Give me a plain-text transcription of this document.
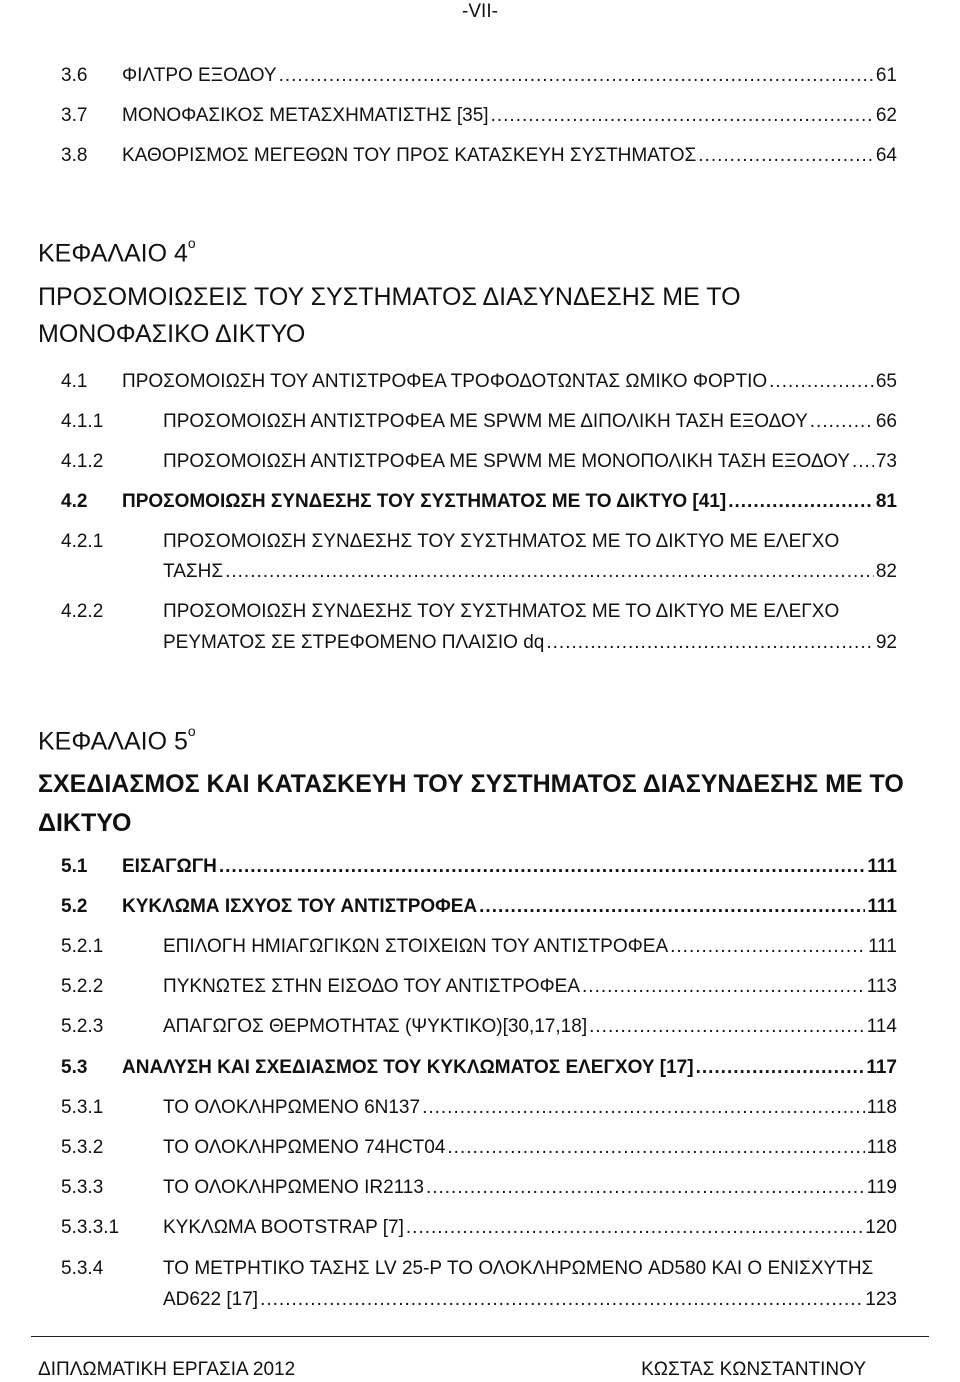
-VII-
3.6	ΦΙΛΤΡΟ ΕΞΟΔΟΥ .....	61
3.7	ΜΟΝΟΦΑΣΙΚΟΣ ΜΕΤΑΣΧΗΜΑΤΙΣΤΗΣ [35] .....	62
3.8	ΚΑΘΟΡΙΣΜΟΣ ΜΕΓΕΘΩΝ ΤΟΥ ΠΡΟΣ ΚΑΤΑΣΚΕΥΗ ΣΥΣΤΗΜΑΤΟΣ .....	64
ΚΕΦΑΛΑΙΟ $4^o$
ΠΡΟΣΟΜΟΙΩΣΕΙΣ ΤΟΥ ΣΥΣΤΗΜΑΤΟΣ ΔΙΑΣΥΝΔΕΣΗΣ ΜΕ ΤΟ
ΜΟΝΟΦΑΣΙΚΟ ΔΙΚΤΥΟ
4.1	ΠΡΟΣΟΜΟΙΩΣΗ ΤΟΥ ΑΝΤΙΣΤΡΟΦΕΑ ΤΡΟΦΟΔΟΤΩΝΤΑΣ ΩΜΙΚΟ ΦΟΡΤΙΟ .....	65
4.1.1	ΠΡΟΣΟΜΟΙΩΣΗ ΑΝΤΙΣΤΡΟΦΕΑ ΜΕ SPWM ΜΕ ΔΙΠΟΛΙΚΗ ΤΑΣΗ ΕΞΟΔΟΥ .....	66
4.1.2	ΠΡΟΣΟΜΟΙΩΣΗ ΑΝΤΙΣΤΡΟΦΕΑ ΜΕ SPWM ΜΕ ΜΟΝΟΠΟΛΙΚΗ ΤΑΣΗ ΕΞΟΔΟΥ ..... 73
4.2	ΠΡΟΣΟΜΟΙΩΣΗ ΣΥΝΔΕΣΗΣ ΤΟΥ ΣΥΣΤΗΜΑΤΟΣ ΜΕ ΤΟ ΔΙΚΤΥΟ [41] .....	81
4.2.1	ΠΡΟΣΟΜΟΙΩΣΗ ΣΥΝΔΕΣΗΣ ΤΟΥ ΣΥΣΤΗΜΑΤΟΣ ΜΕ ΤΟ ΔΙΚΤΥΟ ΜΕ ΕΛΕΓΧΟ
ΤΑΣΗΣ .....	82
4.2.2	ΠΡΟΣΟΜΟΙΩΣΗ ΣΥΝΔΕΣΗΣ ΤΟΥ ΣΥΣΤΗΜΑΤΟΣ ΜΕ ΤΟ ΔΙΚΤΥΟ ΜΕ ΕΛΕΓΧΟ
ΡΕΥΜΑΤΟΣ ΣΕ ΣΤΡΕΦΟΜΕΝΟ ΠΛΑΙΣΙΟ dq .....	92
ΚΕΦΑΛΑΙΟ $5^o$
ΣΧΕΔΙΑΣΜΟΣ ΚΑΙ ΚΑΤΑΣΚΕΥΗ ΤΟΥ ΣΥΣΤΗΜΑΤΟΣ ΔΙΑΣΥΝΔΕΣΗΣ ΜΕ ΤΟ
ΔΙΚΤΥΟ
5.1	ΕΙΣΑΓΩΓΗ .....	111
5.2	ΚΥΚΛΩΜΑ ΙΣΧΥΟΣ ΤΟΥ ΑΝΤΙΣΤΡΟΦΕΑ .....	111
5.2.1	ΕΠΙΛΟΓΗ ΗΜΙΑΓΩΓΙΚΩΝ ΣΤΟΙΧΕΙΩΝ ΤΟΥ ΑΝΤΙΣΤΡΟΦΕΑ .....	111
5.2.2	ΠΥΚΝΩΤΕΣ ΣΤΗΝ ΕΙΣΟΔΟ ΤΟΥ ΑΝΤΙΣΤΡΟΦΕΑ .....	113
5.2.3	ΑΠΑΓΩΓΟΣ ΘΕΡΜΟΤΗΤΑΣ (ΨΥΚΤΙΚΟ)[30,17,18] .....	114
5.3	ΑΝΑΛΥΣΗ ΚΑΙ ΣΧΕΔΙΑΣΜΟΣ ΤΟΥ ΚΥΚΛΩΜΑΤΟΣ ΕΛΕΓΧΟΥ [17] .....	117
5.3.1	ΤΟ ΟΛΟΚΛΗΡΩΜΕΝΟ 6N137 .....	118
5.3.2	ΤΟ ΟΛΟΚΛΗΡΩΜΕΝΟ 74HCT04 .....	118
5.3.3	ΤΟ ΟΛΟΚΛΗΡΩΜΕΝΟ IR2113 .....	119
5.3.3.1	ΚΥΚΛΩΜΑ BOOTSTRAP [7] .....	120
5.3.4	ΤΟ ΜΕΤΡΗΤΙΚΟ ΤΑΣΗΣ LV 25-P ΤΟ ΟΛΟΚΛΗΡΩΜΕΝΟ AD580 ΚΑΙ Ο ΕΝΙΣΧΥΤΗΣ
AD622 [17] .....	123
ΔΙΠΛΩΜΑΤΙΚΗ ΕΡΓΑΣΙΑ 2012	ΚΩΣΤΑΣ ΚΩΝΣΤΑΝΤΙΝΟΥ
